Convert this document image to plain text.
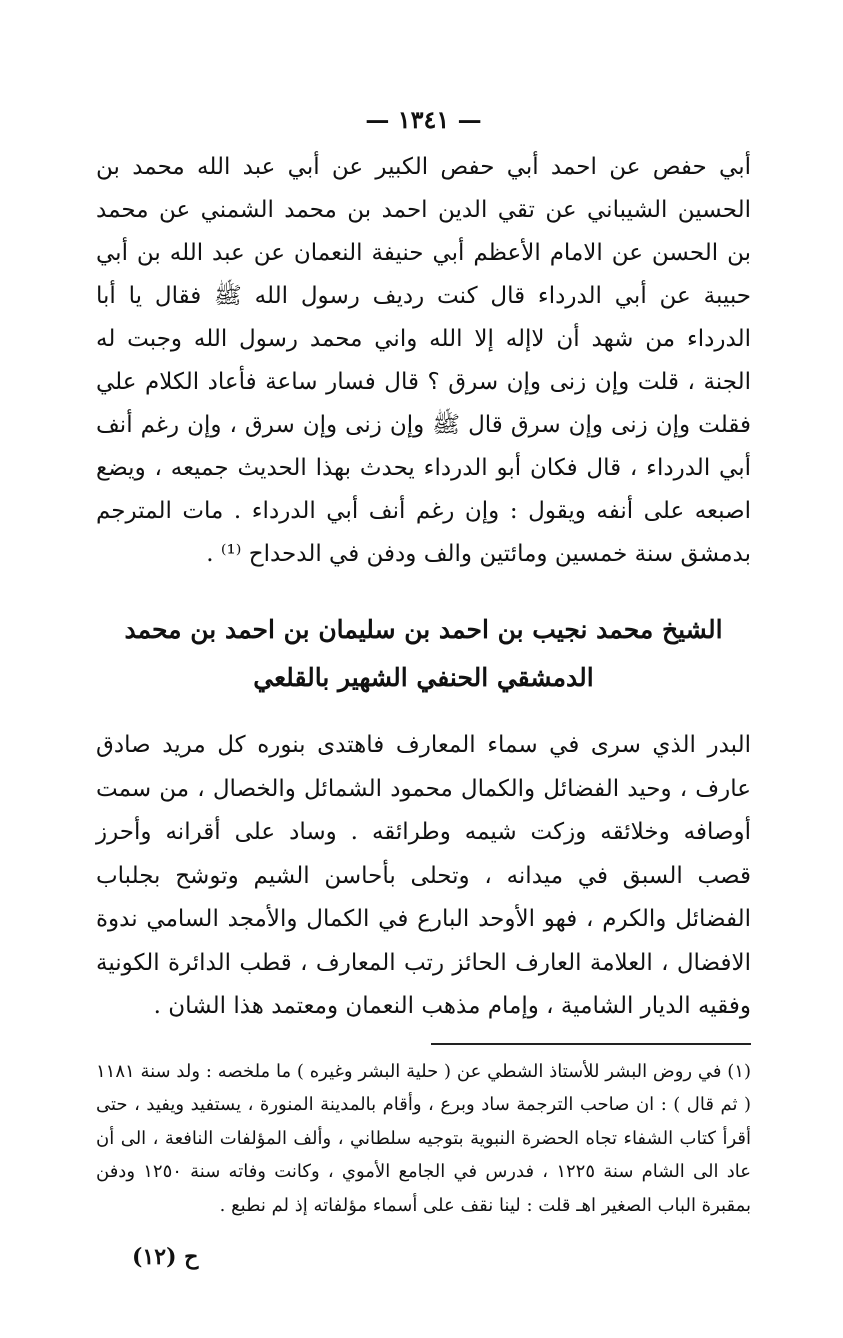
— ١٣٤١ —

أبي حفص عن احمد أبي حفص الكبير عن أبي عبد الله محمد بن الحسين الشيباني عن تقي الدين احمد بن محمد الشمني عن محمد بن الحسن عن الامام الأعظم أبي حنيفة النعمان عن عبد الله بن أبي حبيبة عن أبي الدرداء قال كنت رديف رسول الله ﷺ فقال يا أبا الدرداء من شهد أن لاإله إلا الله واني محمد رسول الله وجبت له الجنة ، قلت وإن زنى وإن سرق ؟ قال فسار ساعة فأعاد الكلام علي فقلت وإن زنى وإن سرق قال ﷺ وإن زنى وإن سرق ، وإن رغم أنف أبي الدرداء ، قال فكان أبو الدرداء يحدث بهذا الحديث جميعه ، ويضع اصبعه على أنفه ويقول : وإن رغم أنف أبي الدرداء . مات المترجم بدمشق سنة خمسين ومائتين والف ودفن في الدحداح ⁽¹⁾ .

الشيخ محمد نجيب بن احمد بن سليمان بن احمد بن محمد
الدمشقي الحنفي الشهير بالقلعي

البدر الذي سرى في سماء المعارف فاهتدى بنوره كل مريد صادق عارف ، وحيد الفضائل والكمال محمود الشمائل والخصال ، من سمت أوصافه وخلائقه وزكت شيمه وطرائقه . وساد على أقرانه وأحرز قصب السبق في ميدانه ، وتحلى بأحاسن الشيم وتوشح بجلباب الفضائل والكرم ، فهو الأوحد البارع في الكمال والأمجد السامي ندوة الافضال ، العلامة العارف الحائز رتب المعارف ، قطب الدائرة الكونية وفقيه الديار الشامية ، وإمام مذهب النعمان ومعتمد هذا الشان .

(١) في روض البشر للأستاذ الشطي عن ( حلية البشر وغيره ) ما ملخصه : ولد سنة ١١٨١ ( ثم قال ) : ان صاحب الترجمة ساد وبرع ، وأقام بالمدينة المنورة ، يستفيد ويفيد ، حتى أقرأ كتاب الشفاء تجاه الحضرة النبوية بتوجيه سلطاني ، وألف المؤلفات النافعة ، الى أن عاد الى الشام سنة ١٢٢٥ ، فدرس في الجامع الأموي ، وكانت وفاته سنة ١٢٥٠ ودفن بمقبرة الباب الصغير اهـ قلت : لينا نقف على أسماء مؤلفاته إذ لم نطبع .

ح (١٢)
